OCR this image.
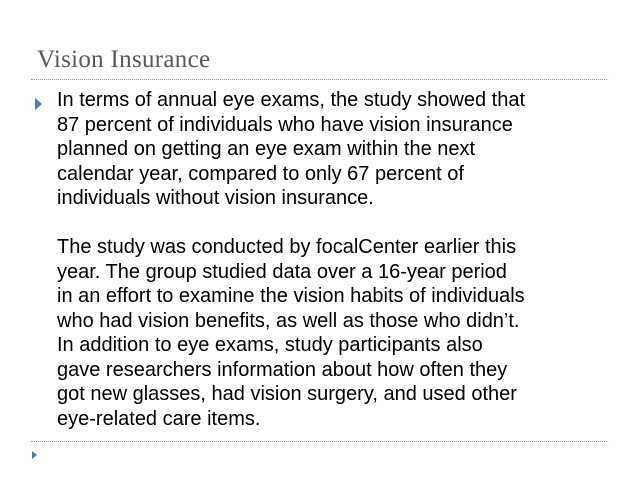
Vision Insurance
In terms of annual eye exams, the study showed that
87 percent of individuals who have vision insurance
planned on getting an eye exam within the next
calendar year, compared to only 67 percent of
individuals without vision insurance.
The study was conducted by focalCenter earlier this
year. The group studied data over a 16-year period
in an effort to examine the vision habits of individuals
who had vision benefits, as well as those who didn’t.
In addition to eye exams, study participants also
gave researchers information about how often they
got new glasses, had vision surgery, and used other
eye-related care items.
